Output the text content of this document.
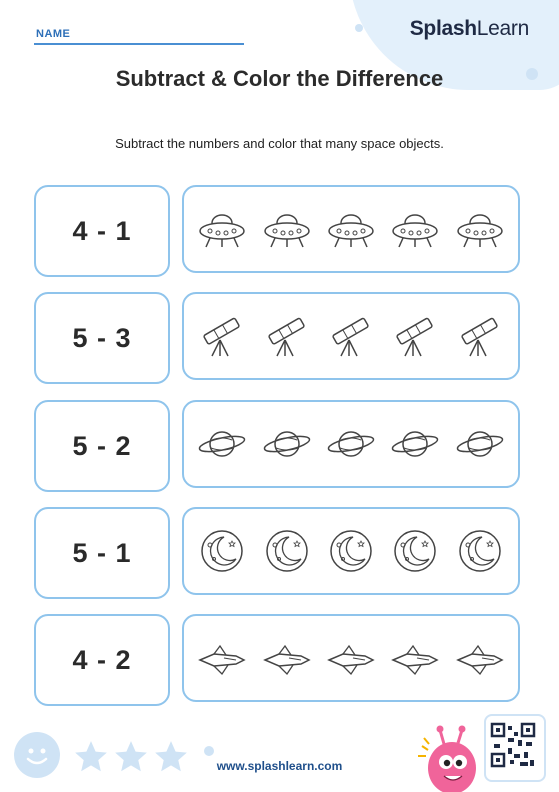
SplashLearn
NAME
Subtract & Color the Difference
Subtract the numbers and color that many space objects.
4 - 1
5 - 3
5 - 2
5 - 1
4 - 2
www.splashlearn.com
